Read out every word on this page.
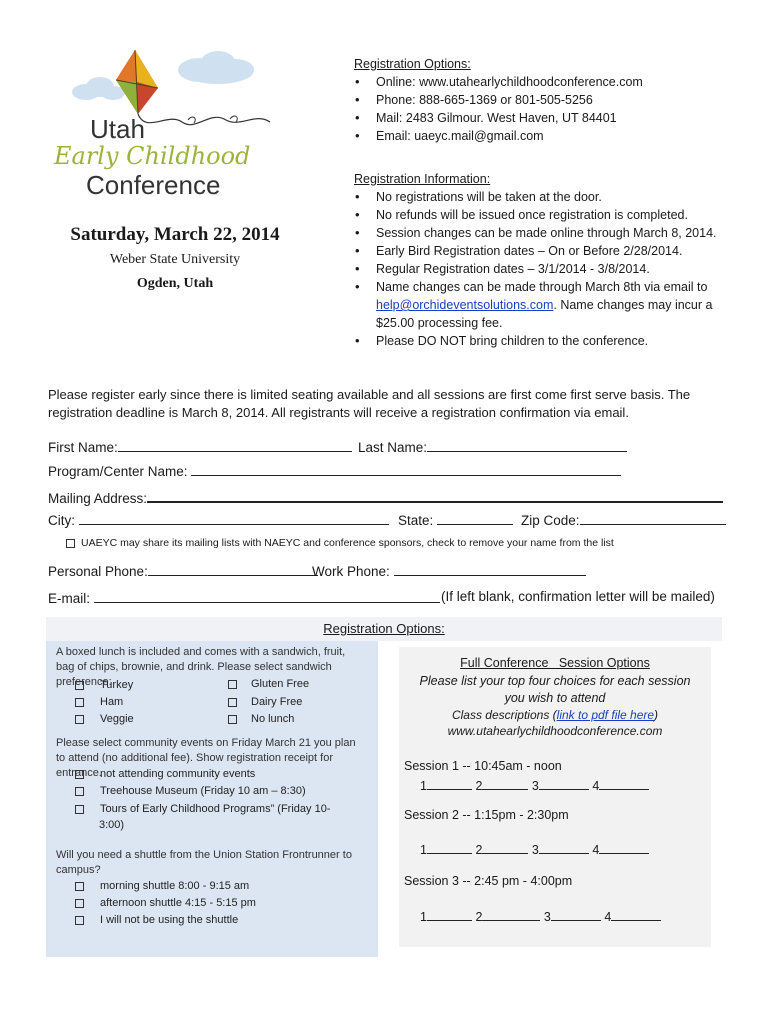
Utah
Early Childhood
Conference
Saturday, March 22, 2014
Weber State University
Ogden, Utah
Registration Options:
• Online: www.utahearlychildhoodconference.com
• Phone: 888-665-1369 or 801-505-5256
• Mail: 2483 Gilmour. West Haven, UT 84401
• Email: uaeyc.mail@gmail.com
Registration Information:
• No registrations will be taken at the door.
• No refunds will be issued once registration is completed.
• Session changes can be made online through March 8, 2014.
• Early Bird Registration dates – On or Before 2/28/2014.
• Regular Registration dates – 3/1/2014 - 3/8/2014.
• Name changes can be made through March 8th via email to help@orchideventsolutions.com. Name changes may incur a $25.00 processing fee.
• Please DO NOT bring children to the conference.
Please register early since there is limited seating available and all sessions are first come first serve basis. The registration deadline is March 8, 2014. All registrants will receive a registration confirmation via email.
First Name:	Last Name:
Program/Center Name:
Mailing Address:
City:	State:	Zip Code:
UAEYC may share its mailing lists with NAEYC and conference sponsors, check to remove your name from the list
Personal Phone:	Work Phone:
E-mail:	(If left blank, confirmation letter will be mailed)
Registration Options:
A boxed lunch is included and comes with a sandwich, fruit, bag of chips, brownie, and drink. Please select sandwich preference:
Turkey	Gluten Free
Ham	Dairy Free
Veggie	No lunch
Please select community events on Friday March 21 you plan to attend (no additional fee). Show registration receipt for entrance.
not attending community events
Treehouse Museum (Friday 10 am – 8:30)
Tours of Early Childhood Programs” (Friday 10-
3:00)
Will you need a shuttle from the Union Station Frontrunner to campus?
morning shuttle 8:00 - 9:15 am
afternoon shuttle 4:15 - 5:15 pm
I will not be using the shuttle
Full Conference   Session Options
Please list your top four choices for each session
you wish to attend
Class descriptions (link to pdf file here)
www.utahearlychildhoodconference.com
Session 1 -- 10:45am - noon
1	2	3	4
Session 2 -- 1:15pm - 2:30pm
1	2	3	4
Session 3 -- 2:45 pm - 4:00pm
1	2	3	4
